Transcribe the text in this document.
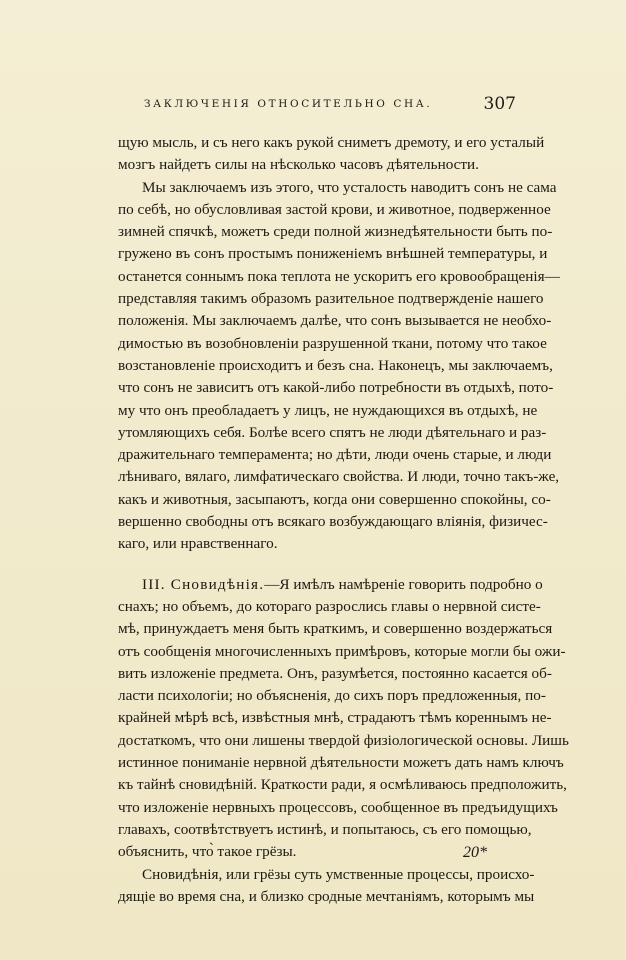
ЗАКЛЮЧЕНІЯ ОТНОСИТЕЛЬНО СНА.	307
щую мысль, и съ него какъ рукой сниметъ дремоту, и его усталый
мозгъ найдетъ силы на нѣсколько часовъ дѣятельности.
Мы заключаемъ изъ этого, что усталость наводитъ сонъ не сама
по себѣ, но обусловливая застой крови, и животное, подверженное
зимней спячкѣ, можетъ среди полной жизнедѣятельности быть по-
гружено въ сонъ простымъ пониженіемъ внѣшней температуры, и
останется соннымъ пока теплота не ускоритъ его кровообращенія—
представляя такимъ образомъ разительное подтвержденіе нашего
положенія. Мы заключаемъ далѣе, что сонъ вызывается не необхо-
димостью въ возобновленіи разрушенной ткани, потому что такое
возстановленіе происходитъ и безъ сна. Наконецъ, мы заключаемъ,
что сонъ не зависитъ отъ какой-либо потребности въ отдыхѣ, пото-
му что онъ преобладаетъ у лицъ, не нуждающихся въ отдыхѣ, не
утомляющихъ себя. Болѣе всего спятъ не люди дѣятельнаго и раз-
дражительнаго темперамента; но дѣти, люди очень старые, и люди
лѣниваго, вялаго, лимфатическаго свойства. И люди, точно такъ-же,
какъ и животныя, засыпаютъ, когда они совершенно спокойны, со-
вершенно свободны отъ всякаго возбуждающаго вліянія, физичес-
каго, или нравственнаго.
III. Сновидѣнія.—Я имѣлъ намѣреніе говорить подробно о
снахъ; но объемъ, до котораго разрослись главы о нервной систе-
мѣ, принуждаетъ меня быть краткимъ, и совершенно воздержаться
отъ сообщенія многочисленныхъ примѣровъ, которые могли бы ожи-
вить изложеніе предмета. Онъ, разумѣется, постоянно касается об-
ласти психологіи; но объясненія, до сихъ поръ предложенныя, по-
крайней мѣрѣ всѣ, извѣстныя мнѣ, страдаютъ тѣмъ кореннымъ не-
достаткомъ, что они лишены твердой физіологической основы. Лишь
истинное пониманіе нервной дѣятельности можетъ дать намъ ключъ
къ тайнѣ сновидѣній. Краткости ради, я осмѣливаюсь предположить,
что изложеніе нервныхъ процессовъ, сообщенное въ предъидущихъ
главахъ, соотвѣтствуетъ истинѣ, и попытаюсь, съ его помощью,
объяснить, что̀ такое грёзы.
Сновидѣнія, или грёзы суть умственные процессы, происхо-
дящіе во время сна, и близко сродные мечтаніямъ, которымъ мы
20*
